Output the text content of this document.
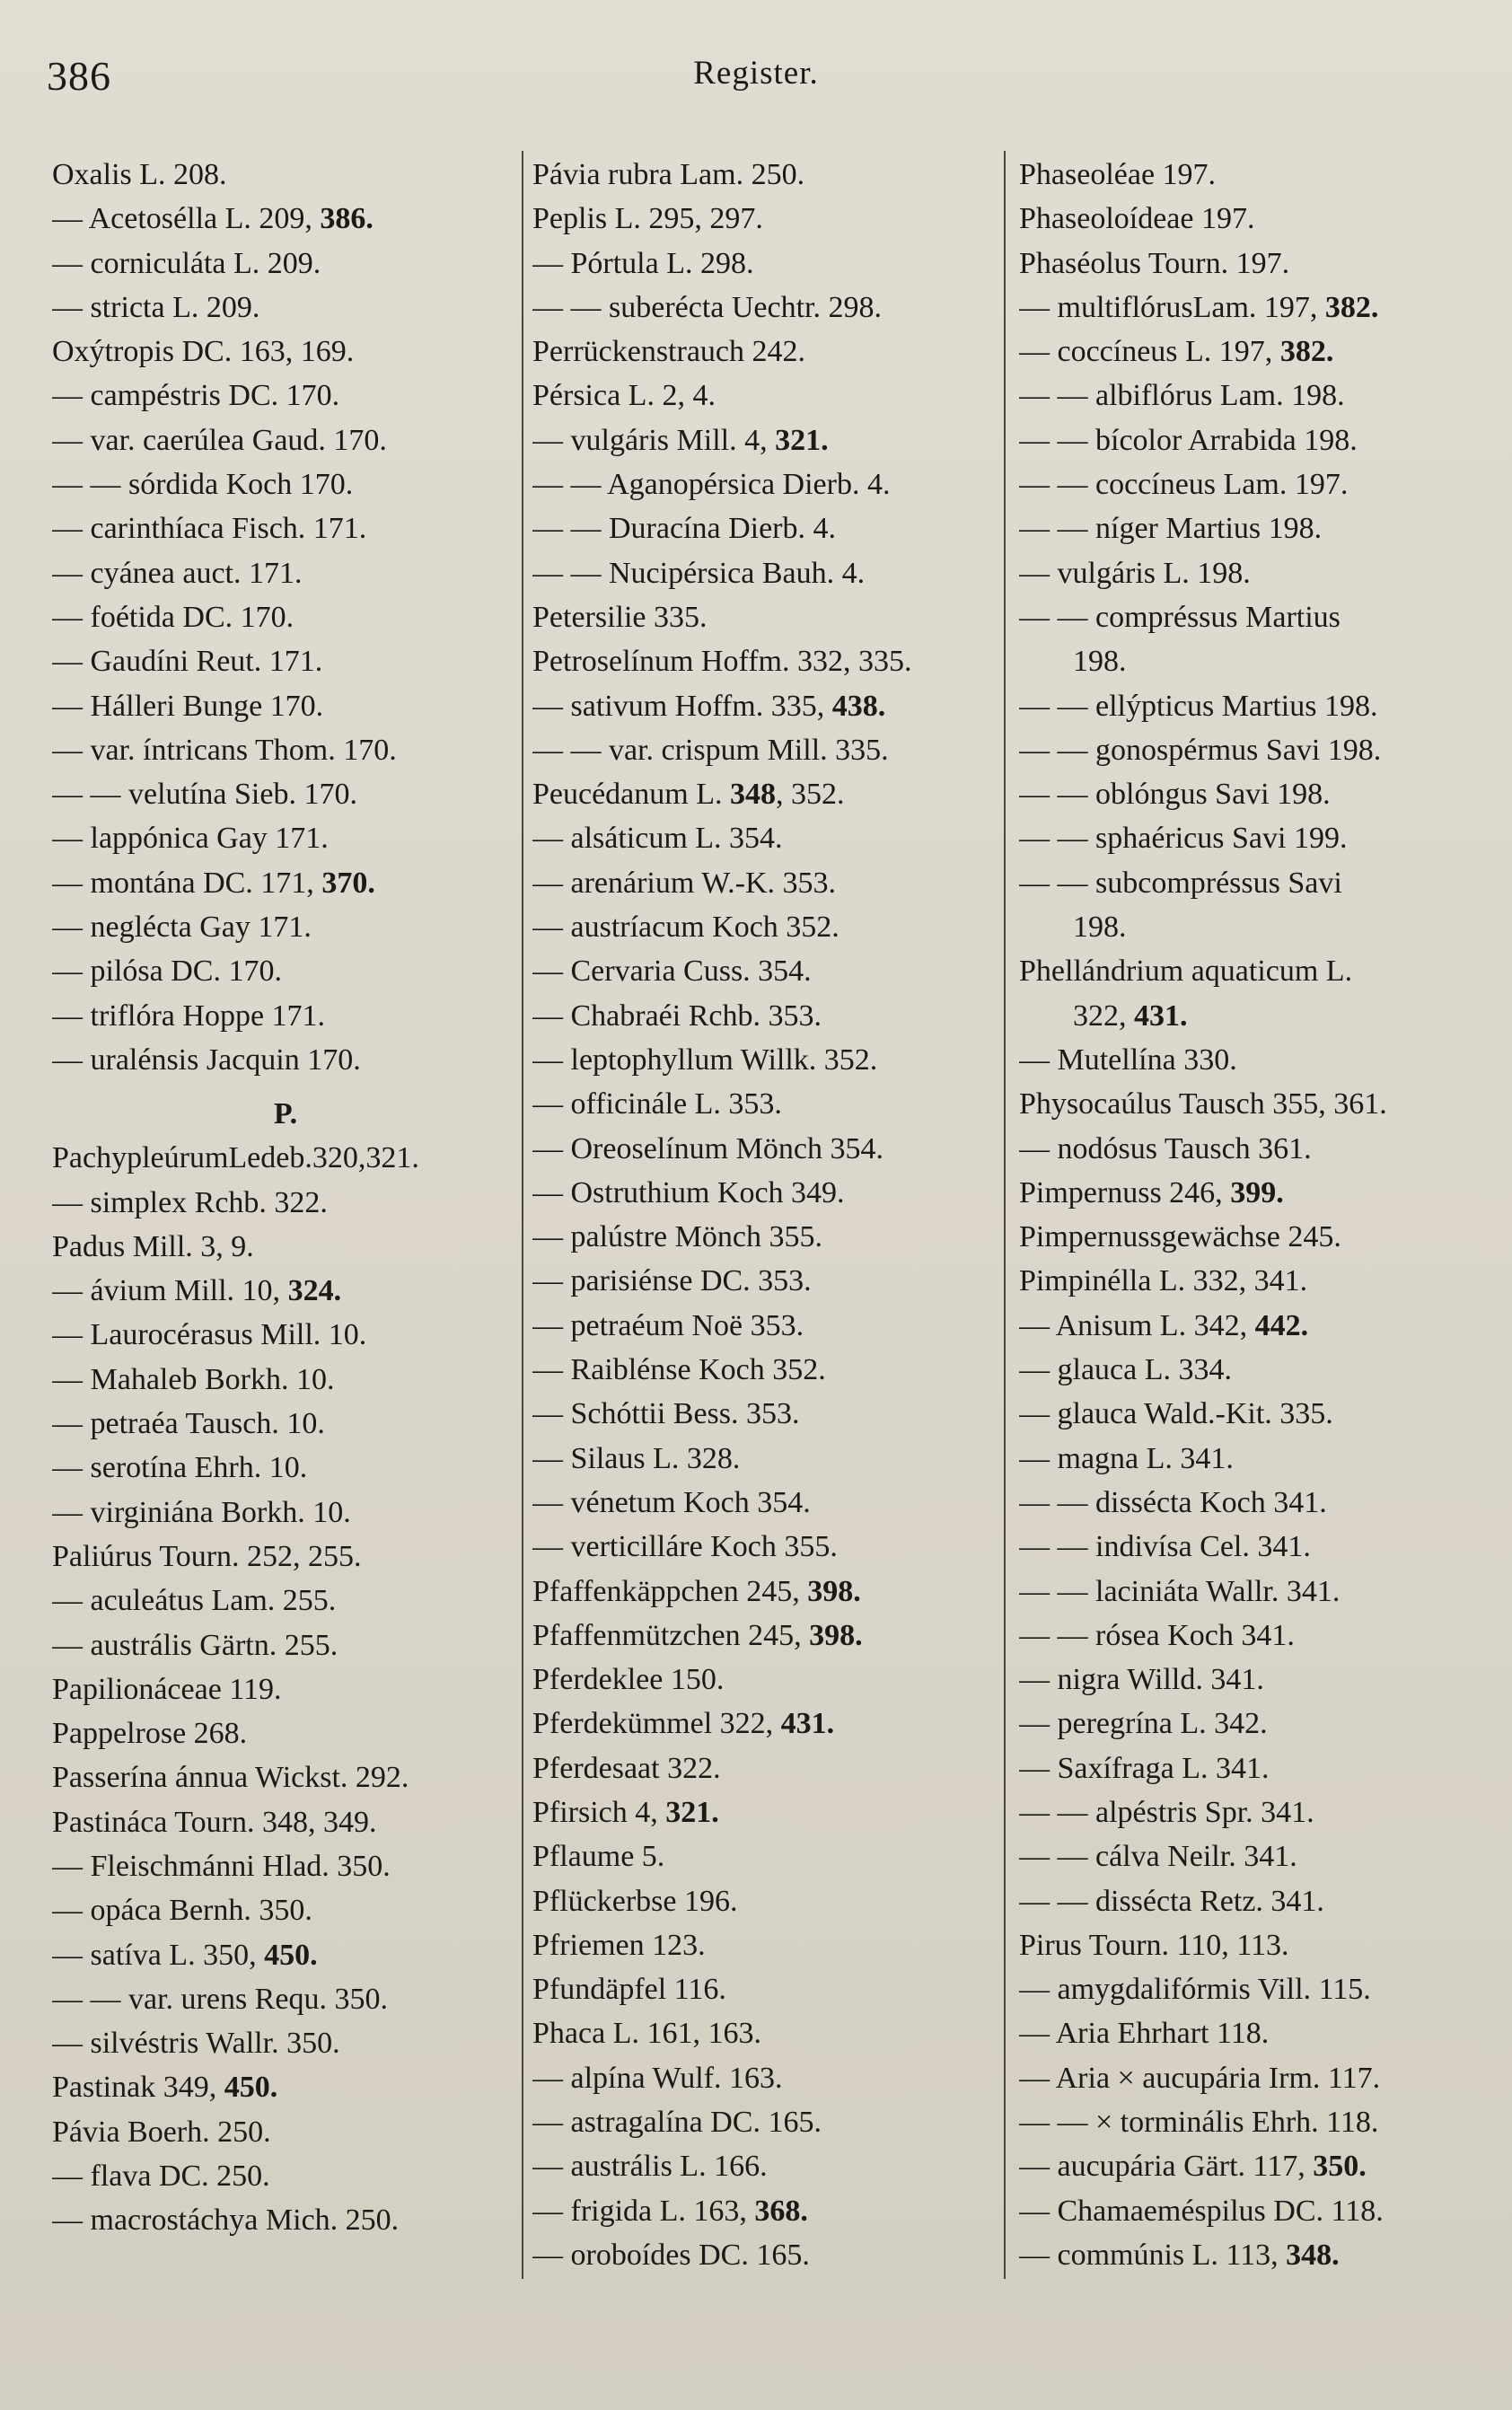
386	Register.
Oxalis L. 208.
— Acetosélla L. 209, 386.
— corniculáta L. 209.
— stricta L. 209.
Oxýtropis DC. 163, 169.
— campéstris DC. 170.
— var. caerúlea Gaud. 170.
— — sórdida Koch 170.
— carinthíaca Fisch. 171.
— cyánea auct. 171.
— foétida DC. 170.
— Gaudíni Reut. 171.
— Hálleri Bunge 170.
— var. íntricans Thom. 170.
— — velutína Sieb. 170.
— lappónica Gay 171.
— montána DC. 171, 370.
— neglécta Gay 171.
— pilósa DC. 170.
— triflóra Hoppe 171.
— uralénsis Jacquin 170.
P.
PachypleúrumLedeb.320,321.
— simplex Rchb. 322.
Padus Mill. 3, 9.
— ávium Mill. 10, 324.
— Laurocérasus Mill. 10.
— Mahaleb Borkh. 10.
— petraéa Tausch. 10.
— serotína Ehrh. 10.
— virginiána Borkh. 10.
Paliúrus Tourn. 252, 255.
— aculeátus Lam. 255.
— austrális Gärtn. 255.
Papilionáceae 119.
Pappelrose 268.
Passerína ánnua Wickst. 292.
Pastináca Tourn. 348, 349.
— Fleischmánni Hlad. 350.
— opáca Bernh. 350.
— satíva L. 350, 450.
— — var. urens Requ. 350.
— silvéstris Wallr. 350.
Pastinak 349, 450.
Pávia Boerh. 250.
— flava DC. 250.
— macrostáchya Mich. 250.
Pávia rubra Lam. 250.
Peplis L. 295, 297.
— Pórtula L. 298.
— — suberécta Uechtr. 298.
Perrückenstrauch 242.
Pérsica L. 2, 4.
— vulgáris Mill. 4, 321.
— — Aganopérsica Dierb. 4.
— — Duracína Dierb. 4.
— — Nucipérsica Bauh. 4.
Petersilie 335.
Petroselínum Hoffm. 332, 335.
— sativum Hoffm. 335, 438.
— — var. crispum Mill. 335.
Peucédanum L. 348, 352.
— alsáticum L. 354.
— arenárium W.-K. 353.
— austríacum Koch 352.
— Cervaria Cuss. 354.
— Chabraéi Rchb. 353.
— leptophyllum Willk. 352.
— officinále L. 353.
— Oreoselínum Mönch 354.
— Ostruthium Koch 349.
— palústre Mönch 355.
— parisiénse DC. 353.
— petraéum Noë 353.
— Raiblénse Koch 352.
— Schóttii Bess. 353.
— Silaus L. 328.
— vénetum Koch 354.
— verticilláre Koch 355.
Pfaffenkäppchen 245, 398.
Pfaffenmützchen 245, 398.
Pferdeklee 150.
Pferdekümmel 322, 431.
Pferdesaat 322.
Pfirsich 4, 321.
Pflaume 5.
Pflückerbse 196.
Pfriemen 123.
Pfundäpfel 116.
Phaca L. 161, 163.
— alpína Wulf. 163.
— astragalína DC. 165.
— austrális L. 166.
— frigida L. 163, 368.
— oroboídes DC. 165.
Phaseoléae 197.
Phaseoloídeae 197.
Phaséolus Tourn. 197.
— multiflórusLam. 197, 382.
— coccíneus L. 197, 382.
— — albiflórus Lam. 198.
— — bícolor Arrabida 198.
— — coccíneus Lam. 197.
— — níger Martius 198.
— vulgáris L. 198.
— — compréssus Martius
198.
— — ellýpticus Martius 198.
— — gonospérmus Savi 198.
— — oblóngus Savi 198.
— — sphaéricus Savi 199.
— — subcompréssus Savi
198.
Phellándrium aquaticum L.
322, 431.
— Mutellína 330.
Physocaúlus Tausch 355, 361.
— nodósus Tausch 361.
Pimpernuss 246, 399.
Pimpernussgewächse 245.
Pimpinélla L. 332, 341.
— Anisum L. 342, 442.
— glauca L. 334.
— glauca Wald.-Kit. 335.
— magna L. 341.
— — dissécta Koch 341.
— — indivísa Cel. 341.
— — laciniáta Wallr. 341.
— — rósea Koch 341.
— nigra Willd. 341.
— peregrína L. 342.
— Saxífraga L. 341.
— — alpéstris Spr. 341.
— — cálva Neilr. 341.
— — dissécta Retz. 341.
Pirus Tourn. 110, 113.
— amygdalifórmis Vill. 115.
— Aria Ehrhart 118.
— Aria × aucupária Irm. 117.
— — × torminális Ehrh. 118.
— aucupária Gärt. 117, 350.
— Chamaeméspilus DC. 118.
— commúnis L. 113, 348.
